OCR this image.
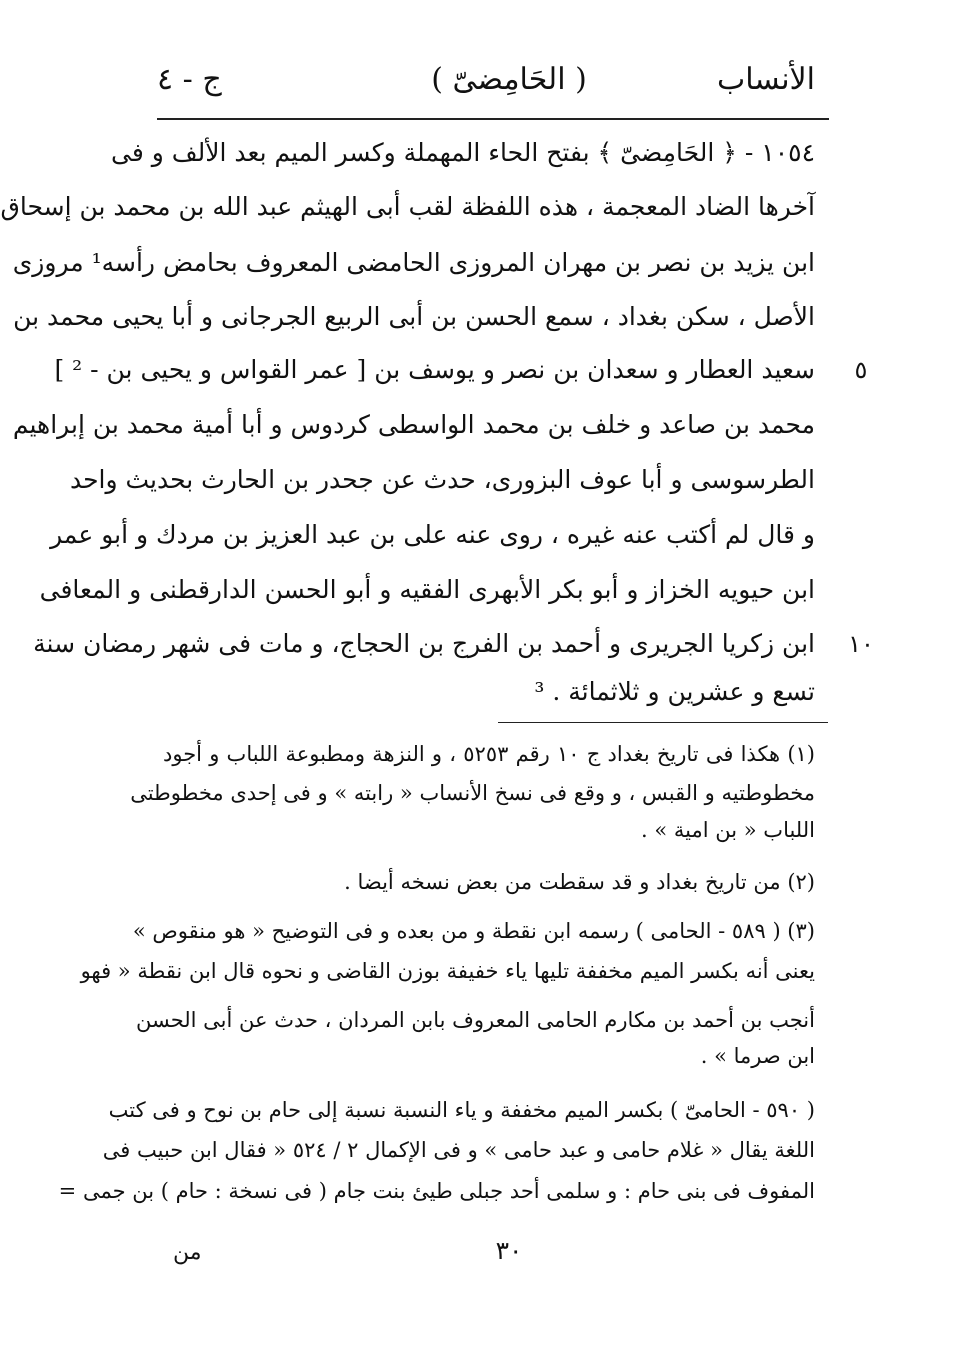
الأنساب
( الحَامِضىّ )
ج - ٤
١٠٥٤ - ﴿ الحَامِضىّ ﴾ بفتح الحاء المهملة وكسر الميم بعد الألف و فى
آخرها الضاد المعجمة ، هذه اللفظة لقب أبى الهيثم عبد الله بن محمد بن إسحاق
ابن يزيد بن نصر بن مهران المروزى الحامضى المعروف بحامض رأسه¹ مروزى
الأصل ، سكن بغداد ، سمع الحسن بن أبى الربيع الجرجانى و أبا يحيى محمد بن
سعيد العطار و سعدان بن نصر و يوسف بن [ عمر القواس و يحيى بن - ² ]
محمد بن صاعد و خلف بن محمد الواسطى كردوس و أبا أمية محمد بن إبراهيم
الطرسوسى و أبا عوف البزورى، حدث عن جحدر بن الحارث بحديث واحد
و قال لم أكتب عنه غيره ، روى عنه على بن عبد العزيز بن مردك و أبو عمر
ابن حيويه الخزاز و أبو بكر الأبهرى الفقيه و أبو الحسن الدارقطنى و المعافى
ابن زكريا الجريرى و أحمد بن الفرج بن الحجاج، و مات فى شهر رمضان سنة
تسع و عشرين و ثلاثمائة . ³
٥
١٠
(١) هكذا فى تاريخ بغداد ج ١٠ رقم ٥٢٥٣ ، و النزهة ومطبوعة اللباب و أجود
مخطوطتيه و القبس ، و وقع فى نسخ الأنساب « رابته » و فى إحدى مخطوطتى
اللباب « بن امية » .
(٢) من تاريخ بغداد و قد سقطت من بعض نسخه أيضا .
(٣) ( ٥٨٩ - الحامى ) رسمه ابن نقطة و من بعده و فى التوضيح « هو منقوص »
يعنى أنه بكسر الميم مخففة تليها ياء خفيفة بوزن القاضى و نحوه قال ابن نقطة « فهو
أنجب بن أحمد بن مكارم الحامى المعروف بابن المردان ، حدث عن أبى الحسن
ابن صرما » .
( ٥٩٠ - الحامىّ ) بكسر الميم مخففة و ياء النسبة نسبة إلى حام بن نوح و فى كتب
اللغة يقال « غلام حامى و عبد حامى » و فى الإكمال ٢ / ٥٢٤ « فقال ابن حبيب فى
المفوف فى بنى حام : و سلمى أحد جبلى طيئ بنت جام ( فى نسخة : حام ) بن جمى =
٣٠
من
